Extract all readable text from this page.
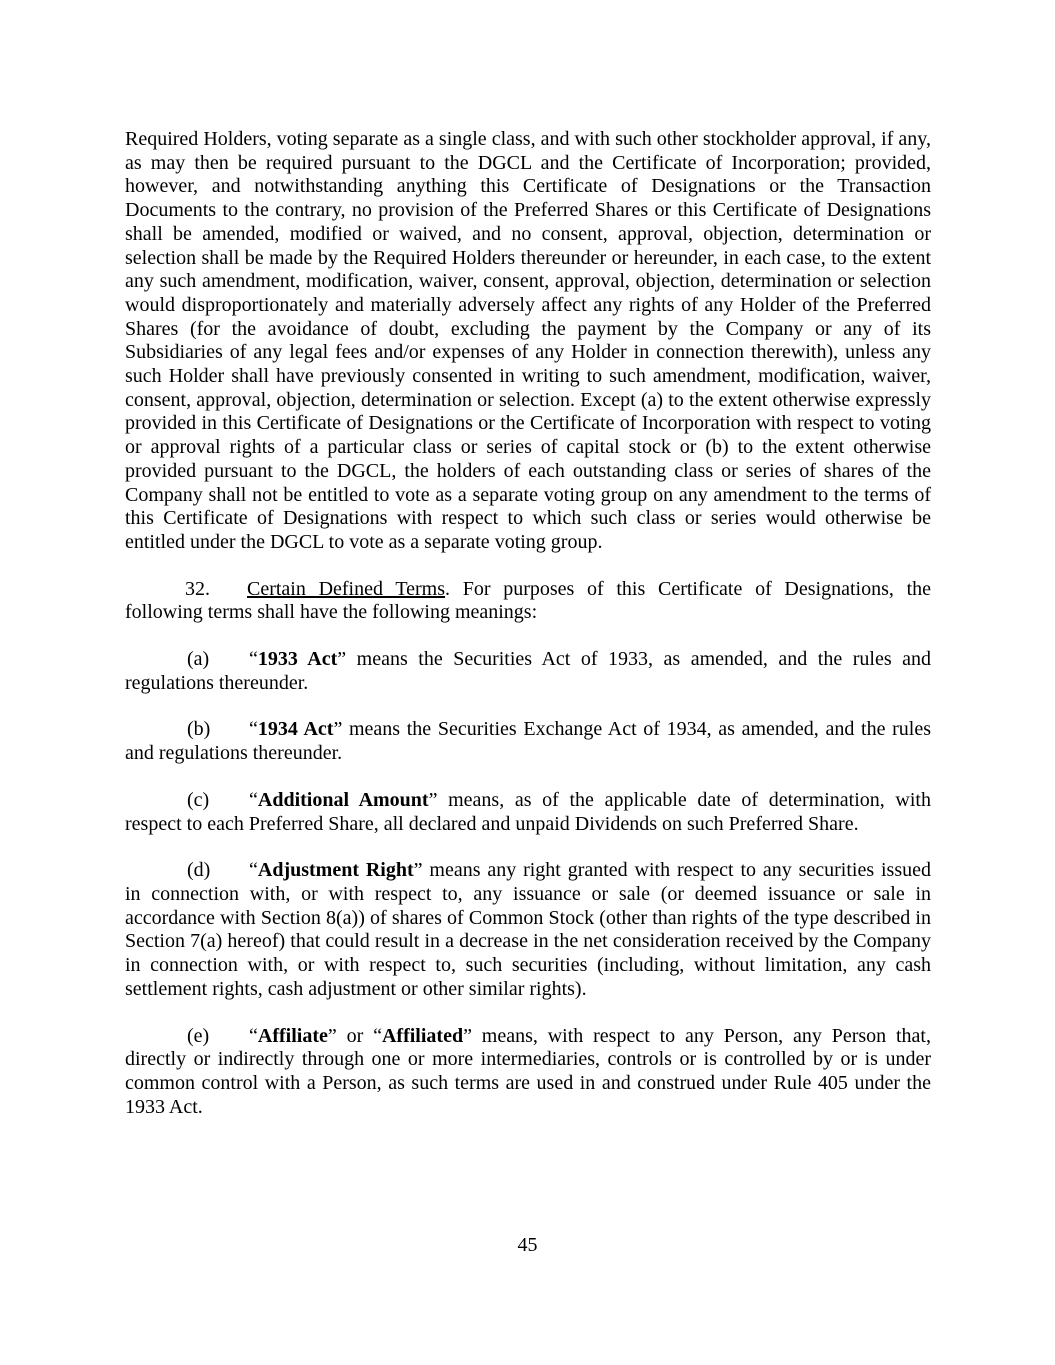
Required Holders, voting separate as a single class, and with such other stockholder approval, if any, as may then be required pursuant to the DGCL and the Certificate of Incorporation; provided, however, and notwithstanding anything this Certificate of Designations or the Transaction Documents to the contrary, no provision of the Preferred Shares or this Certificate of Designations shall be amended, modified or waived, and no consent, approval, objection, determination or selection shall be made by the Required Holders thereunder or hereunder, in each case, to the extent any such amendment, modification, waiver, consent, approval, objection, determination or selection would disproportionately and materially adversely affect any rights of any Holder of the Preferred Shares (for the avoidance of doubt, excluding the payment by the Company or any of its Subsidiaries of any legal fees and/or expenses of any Holder in connection therewith), unless any such Holder shall have previously consented in writing to such amendment, modification, waiver, consent, approval, objection, determination or selection. Except (a) to the extent otherwise expressly provided in this Certificate of Designations or the Certificate of Incorporation with respect to voting or approval rights of a particular class or series of capital stock or (b) to the extent otherwise provided pursuant to the DGCL, the holders of each outstanding class or series of shares of the Company shall not be entitled to vote as a separate voting group on any amendment to the terms of this Certificate of Designations with respect to which such class or series would otherwise be entitled under the DGCL to vote as a separate voting group.

32. Certain Defined Terms. For purposes of this Certificate of Designations, the following terms shall have the following meanings:

(a) “1933 Act” means the Securities Act of 1933, as amended, and the rules and regulations thereunder.

(b) “1934 Act” means the Securities Exchange Act of 1934, as amended, and the rules and regulations thereunder.

(c) “Additional Amount” means, as of the applicable date of determination, with respect to each Preferred Share, all declared and unpaid Dividends on such Preferred Share.

(d) “Adjustment Right” means any right granted with respect to any securities issued in connection with, or with respect to, any issuance or sale (or deemed issuance or sale in accordance with Section 8(a)) of shares of Common Stock (other than rights of the type described in Section 7(a) hereof) that could result in a decrease in the net consideration received by the Company in connection with, or with respect to, such securities (including, without limitation, any cash settlement rights, cash adjustment or other similar rights).

(e) “Affiliate” or “Affiliated” means, with respect to any Person, any Person that, directly or indirectly through one or more intermediaries, controls or is controlled by or is under common control with a Person, as such terms are used in and construed under Rule 405 under the 1933 Act.

45
